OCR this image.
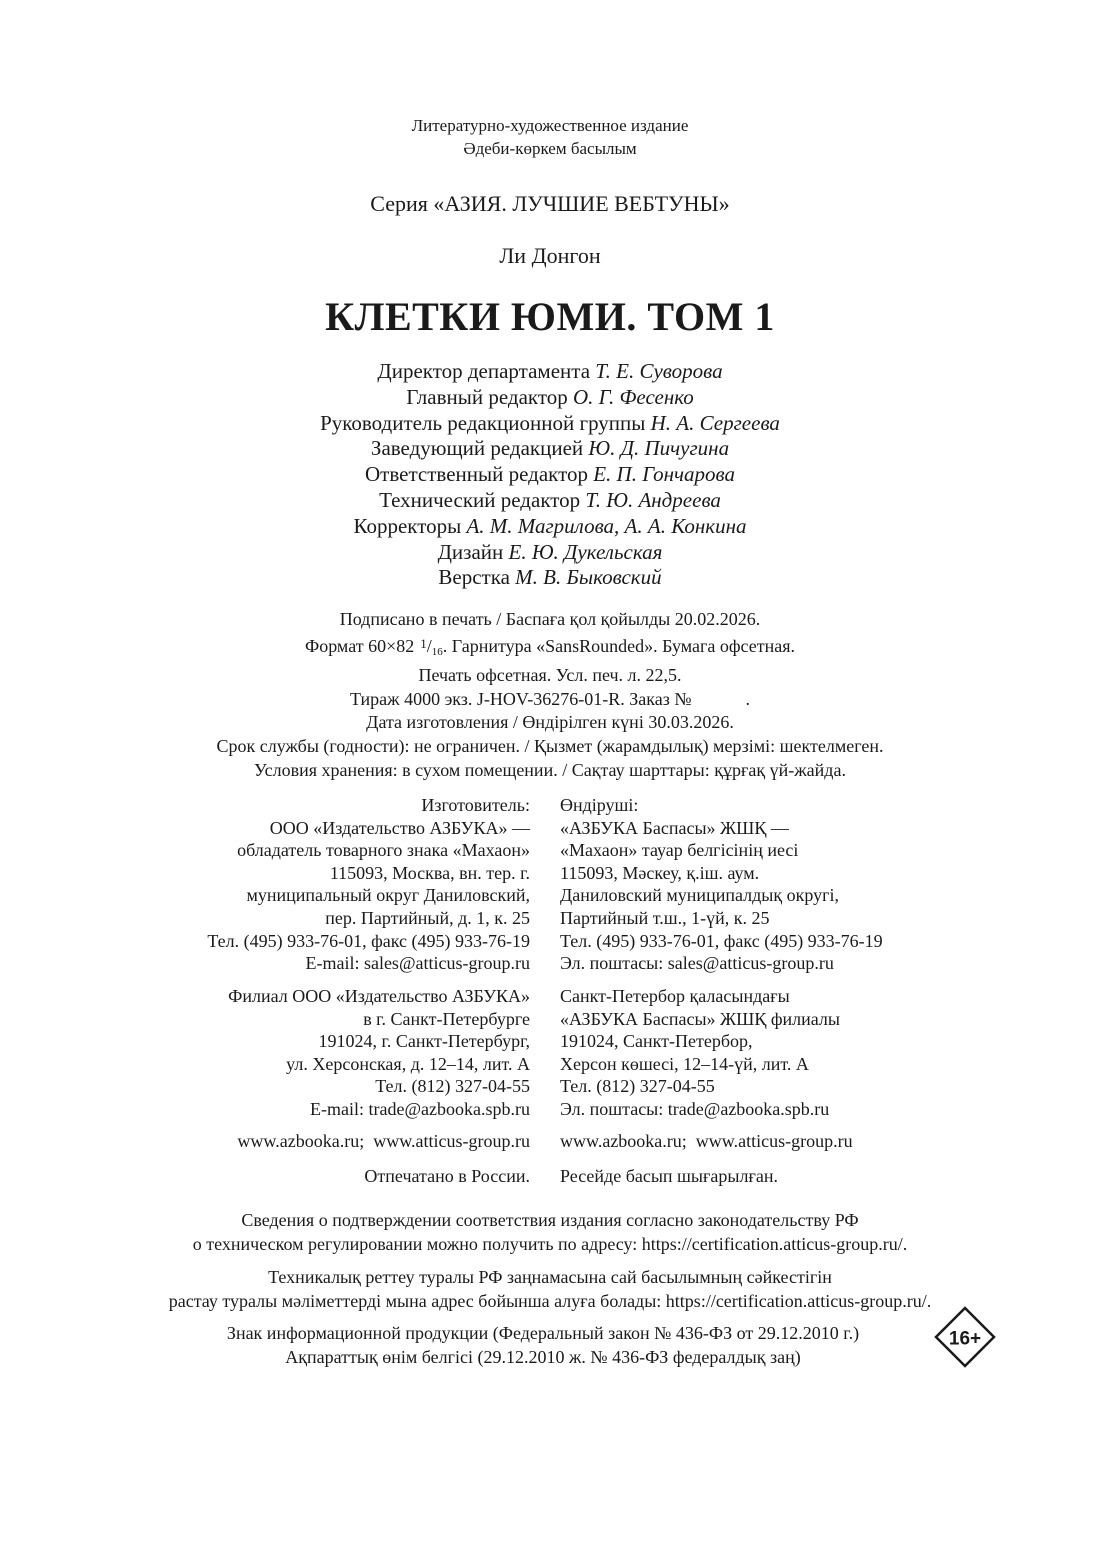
Литературно-художественное издание
Әдеби-көркем басылым
Серия «АЗИЯ. ЛУЧШИЕ ВЕБТУНЫ»
Ли Донгон
КЛЕТКИ ЮМИ. ТОМ 1
Директор департамента Т. Е. Суворова
Главный редактор О. Г. Фесенко
Руководитель редакционной группы Н. А. Сергеева
Заведующий редакцией Ю. Д. Пичугина
Ответственный редактор Е. П. Гончарова
Технический редактор Т. Ю. Андреева
Корректоры А. М. Магрилова, А. А. Конкина
Дизайн Е. Ю. Дукельская
Верстка М. В. Быковский
Подписано в печать / Баспаға қол қойылды 20.02.2026.
Формат 60×82 $^1/_{16}$. Гарнитура «SansRounded». Бумага офсетная.
Печать офсетная. Усл. печ. л. 22,5.
Тираж 4000 экз. J-HOV-36276-01-R. Заказ №            .
Дата изготовления / Өндірілген күні 30.03.2026.
Срок службы (годности): не ограничен. / Қызмет (жарамдылық) мерзімі: шектелмеген.
Условия хранения: в сухом помещении. / Сақтау шарттары: құрғақ үй-жайда.
Изготовитель:
ООО «Издательство АЗБУКА» —
обладатель товарного знака «Махаон»
115093, Москва, вн. тер. г.
муниципальный округ Даниловский,
пер. Партийный, д. 1, к. 25
Тел. (495) 933-76-01, факс (495) 933-76-19
E-mail: sales@atticus-group.ru
Өндіруші:
«АЗБУКА Баспасы» ЖШҚ —
«Махаон» тауар белгісінің иесі
115093, Мәскеу, қ.іш. аум.
Даниловский муниципалдық округі,
Партийный т.ш., 1-үй, к. 25
Тел. (495) 933-76-01, факс (495) 933-76-19
Эл. поштасы: sales@atticus-group.ru
Филиал ООО «Издательство АЗБУКА»
в г. Санкт-Петербурге
191024, г. Санкт-Петербург,
ул. Херсонская, д. 12–14, лит. А
Тел. (812) 327-04-55
E-mail: trade@azbooka.spb.ru
Санкт-Петербор қаласындағы
«АЗБУКА Баспасы» ЖШҚ филиалы
191024, Санкт-Петербор,
Херсон көшесі, 12–14-үй, лит. А
Тел. (812) 327-04-55
Эл. поштасы: trade@azbooka.spb.ru
www.azbooka.ru;  www.atticus-group.ru www.azbooka.ru;  www.atticus-group.ru
Отпечатано в России. Ресейде басып шығарылған.
Сведения о подтверждении соответствия издания согласно законодательству РФ
о техническом регулировании можно получить по адресу: https://certification.atticus-group.ru/.
Техникалық реттеу туралы РФ заңнамасына сай басылымның сәйкестігін
растау туралы мәліметтерді мына адрес бойынша алуға болады: https://certification.atticus-group.ru/.
Знак информационной продукции (Федеральный закон № 436-ФЗ от 29.12.2010 г.)
Ақпараттық өнім белгісі (29.12.2010 ж. № 436-ФЗ федералдық заң)
16+
